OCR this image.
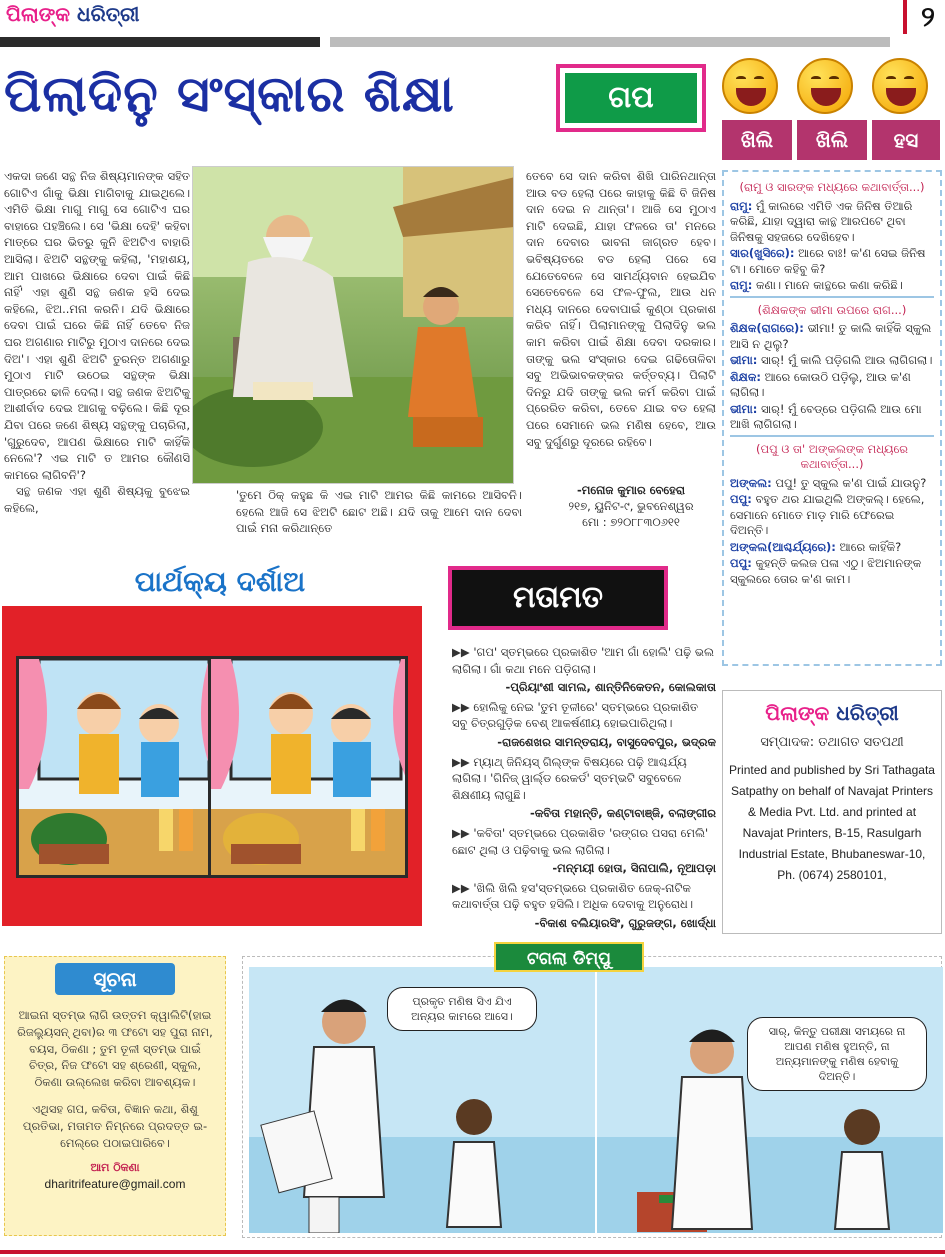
ପିଲାଙ୍କ ଧରିତ୍ରୀ	୨
ପିଲାଦିନୁ ସଂସ୍କାର ଶିକ୍ଷା	ଗପ
ଖିଲି	ଖିଲି	ହସ

ଏକଦା ଜଣେ ସନ୍ଥ ନିଜ ଶିଷ୍ୟମାନଙ୍କ ସହିତ ଗୋଟିଏ ଗାଁକୁ ଭିକ୍ଷା ମାଗିବାକୁ ଯାଇଥିଲେ। ଏମିତି ଭିକ୍ଷା ମାଗୁ ମାଗୁ ସେ ଗୋଟିଏ ଘର ବାହାରେ ପହଞ୍ଚିଲେ। ସେ 'ଭିକ୍ଷା ଦେହି' କହିବା ମାତ୍ରେ ଘର ଭିତରୁ କୁନି ଝିଅଟିଏ ବାହାରି ଆସିଲା। ଝିଅଟି ସନ୍ଥଙ୍କୁ କହିଲା, 'ମହାଶୟ, ଆମ ପାଖରେ ଭିକ୍ଷାରେ ଦେବା ପାଇଁ କିଛି ନାହିଁ' ଏହା ଶୁଣି ସନ୍ଥ ଜଣକ ହସି ଦେଇ କହିଲେ, ଝିଅ..ମନା କରନି। ଯଦି ଭିକ୍ଷାରେ ଦେବା ପାଇଁ ଘରେ କିଛି ନାହିଁ ତେବେ ନିଜ ଘର ଅଗଣାର ମାଟିରୁ ମୁଠାଏ ଦାନରେ ଦେଇ ଦିଅ'। ଏହା ଶୁଣି ଝିଅଟି ତୁରନ୍ତ ଅଗଣାରୁ ମୁଠାଏ ମାଟି ଉଠେଇ ସନ୍ଥଙ୍କ ଭିକ୍ଷା ପାତ୍ରରେ ଢାଳି ଦେଲା। ସନ୍ଥ ଜଣକ ଝିଅଟିକୁ ଆଶୀର୍ବାଦ ଦେଇ ଆଗକୁ ବଢ଼ିଲେ। କିଛି ଦୂର ଯିବା ପରେ ଜଣେ ଶିଷ୍ୟ ସନ୍ଥଙ୍କୁ ପଚାରିଲା, 'ଗୁରୁଦେବ, ଆପଣ ଭିକ୍ଷାରେ ମାଟି କାହିଁକି ନେଲେ'? ଏଇ ମାଟି ତ ଆମର କୌଣସି କାମରେ ଲାଗିବନି'?

ସନ୍ଥ ଜଣକ ଏହା ଶୁଣି ଶିଷ୍ୟକୁ ବୁଝେଇ କହିଲେ,

ତେବେ ସେ ଦାନ କରିବା ଶିଖି ପାରିନଥାନ୍ତା ଆଉ ବଡ ହେଲା ପରେ କାହାକୁ କିଛି ବି ଜିନିଷ ଦାନ ଦେଇ ନ ଥାନ୍ତା'। ଆଜି ସେ ମୁଠାଏ ମାଟି ଦେଇଛି, ଯାହା ଫଳରେ ତା' ମନରେ ଦାନ ଦେବାର ଭାବନା ଜାଗ୍ରତ ହେବ। ଭବିଷ୍ୟତରେ ବଡ ହେଲା ପରେ ସେ ଯେତେବେଳେ ସେ ସାମର୍ଥ୍ୟବାନ ହେଇଯିବ ସେତେବେଳେ ସେ ଫଳ-ଫୁଲ, ଆଉ ଧନ ମଧ୍ୟ ଦାନରେ ଦେବାପାଇଁ କୁଣ୍ଠା ପ୍ରକାଶ କରିବ ନାହିଁ। ପିଲାମାନଙ୍କୁ ପିଲାଦିନୁ ଭଲ କାମ କରିବା ପାଇଁ ଶିକ୍ଷା ଦେବା ଦରକାର। ତାଙ୍କୁ ଭଲ ସଂସ୍କାର ଦେଇ ଗଢିତୋଳିବା ସବୁ ଅଭିଭାବକଙ୍କର କର୍ତ୍ତବ୍ୟ। ପିଲାଟି ଦିନରୁ ଯଦି ତାଙ୍କୁ ଭଲ କର୍ମ କରିବା ପାଇଁ ପ୍ରେରିତ କରିବା, ତେବେ ଯାଇ ବଡ ହେଲା ପରେ ସେମାନେ ଭଲ ମଣିଷ ହେବେ, ଆଉ ସବୁ ଦୁର୍ଗୁଣରୁ ଦୂରରେ ରହିବେ।

'ତୁମେ ଠିକ୍ କହୁଛ କି ଏଇ ମାଟି ଆମର କିଛି କାମରେ ଆସିବନି। ହେଲେ ଆଜି ସେ ଝିଅଟି ଛୋଟ ଅଛି। ଯଦି ତାକୁ ଆମେ ଦାନ ଦେବା ପାଇଁ ମନା କରିଥାନ୍ତେ

-ମନୋଜ କୁମାର ବେହେରା
୨୧୭, ୟୁନିଟ-୯, ଭୁବନେଶ୍ୱର
ମୋ : ୭୨୦୮୮୩୦୬୧୧
(ରାମୁ ଓ ସାରଙ୍କ ମଧ୍ୟରେ କଥାବାର୍ତ୍ତା...)
ରାମୁ: ମୁଁ କାଲରେ ଏମିତି ଏକ ଜିନିଷ ତିଆରି କରିଛି, ଯାହା ଦ୍ୱାରା କାନ୍ଥ ଆରପଟେ ଥିବା ଜିନିଷକୁ ସହଜରେ ଦେଖିହେବ।
ସାର(ଖୁସିରେ): ଆରେ ବାଃ! କ'ଣ ସେଇ ଜିନିଷ ଟା। ମୋତେ କହିବୁ କି?
ରାମୁ: କଣା। ମାନେ କାନ୍ଥରେ କଣା କରିଛି।
(ଶିକ୍ଷକଙ୍କ ଭୀମା ଉପରେ ରାଗ...)
ଶିକ୍ଷକ(ରାଗରେ): ଭୀମା! ତୁ କାଲି କାହିଁକି ସ୍କୁଲ ଆସି ନ ଥିଲୁ?
ଭୀମା: ସାର୍! ମୁଁ କାଲି ପଡ଼ିଗଲି ଆଉ ଲାଗିଗଲା।
ଶିକ୍ଷକ: ଆରେ କୋଉଠି ପଡ଼ିଲୁ, ଆଉ କ'ଣ ଲାଗିଲା।
ଭୀମା: ସାର୍! ମୁଁ ବେଡ୍‌ରେ ପଡ଼ିଗଲି ଆଉ ମୋ ଆଖି ଲାଗିଗଲା।
(ପପୁ ଓ ତା' ଅଙ୍କଲଙ୍କ ମଧ୍ୟରେ କଥାବାର୍ତ୍ତା...)
ଅଙ୍କଲ: ପପୁ! ତୁ ସ୍କୁଲ କ'ଣ ପାଇଁ ଯାଉନୁ?
ପପୁ: ବହୁତ ଥର ଯାଇଥିଲି ଅଙ୍କଲ୍। ହେଲେ, ସେମାନେ ମୋତେ ମାଡ଼ ମାରି ଫେରେଇ ଦିଅନ୍ତି।
ଅଙ୍କଲ(ଆଶ୍ଚର୍ଯ୍ୟରେ): ଆରେ କାହିଁକି?
ପପୁ: କୁହନ୍ତି କଲଜ ପଳା ଏଠୁ। ଝିଅମାନଙ୍କ ସ୍କୁଲରେ ତୋର କ'ଣ କାମ।
ପିଲାଙ୍କ ଧରିତ୍ରୀ
ସମ୍ପାଦକ: ତଥାଗତ ସତପଥୀ
Printed and published by Sri Tathagata Satpathy on behalf of Navajat Printers & Media Pvt. Ltd. and printed at Navajat Printers, B-15, Rasulgarh Industrial Estate, Bhubaneswar-10, Ph. (0674) 2580101,
ପାର୍ଥକ୍ୟ ଦର୍ଶାଅ	ମତାମତ
▶▶ 'ଗପ' ସ୍ତମ୍ଭରେ ପ୍ରକାଶିତ 'ଆମ ଗାଁ ହୋଲି' ପଢ଼ି ଭଲ ଲାଗିଲା। ଗାଁ କଥା ମନେ ପଡ଼ିଗଲା।
-ପ୍ରିୟାଂଶୀ ସାମଲ, ଶାନ୍ତିନିକେତନ, କୋଲକାତା
▶▶ ହୋଲିକୁ ନେଇ 'ତୁମ ତୂଳୀରେ' ସ୍ତମ୍ଭରେ ପ୍ରକାଶିତ ସବୁ ଚିତ୍ରଗୁଡ଼ିକ ବେଶ୍ ଆକର୍ଷଣୀୟ ହୋଇପାରିଥିଲା।
-ରାଜଶେଖର ସାମନ୍ତରାୟ, ବାସୁଦେବପୁର, ଭଦ୍ରକ
▶▶ ମ୍ୟାଥ୍ ଜିନିୟସ୍ ଗିଲ୍ଙ୍କ ବିଷୟରେ ପଢ଼ି ଆଶ୍ଚର୍ଯ୍ୟ ଲାଗିଲା। 'ଗିନିଜ୍ ୱାର୍ଲ୍ଡ ରେକର୍ଡ' ସ୍ତମ୍ଭଟି ସବୁବେଳେ ଶିକ୍ଷଣୀୟ ଲାଗୁଛି।
-କବିତା ମହାନ୍ତି, କଣ୍ଟାବାଞ୍ଜି, ବଲାଙ୍ଗୀର
▶▶ 'କବିତା' ସ୍ତମ୍ଭରେ ପ୍ରକାଶିତ 'ରଙ୍ଗର ପସରା ମେଲି' ଛୋଟ ଥିଲା ଓ ପଢ଼ିବାକୁ ଭଲ ଲାଗିଲା।
-ମନ୍ମୟୀ ହୋତା, ସିନାପାଲି, ନୂଆପଡ଼ା
▶▶ 'ଖିଲି ଖିଲି ହସ'ସ୍ତମ୍ଭରେ ପ୍ରକାଶିତ ଜେକ୍-ନାଟିକ କଥାବାର୍ତ୍ତା ପଢ଼ି ବହୁତ ହସିଲି। ଅଧିକ ଦେବାକୁ ଅନୁରୋଧ।
-ବିକାଶ ବଲିୟାରସିଂ, ଗୁରୁଜଙ୍ଗ, ଖୋର୍ଦ୍ଧା
ସୂଚନା

ଆଇନା ସ୍ତମ୍ଭ ଲାଗି ଉତ୍ତମ କ୍ୱାଲିଟି(ହାଇ ରିଜଲ୍ୟୁସନ୍ ଥିବା)ର ୩ ଫଟୋ ସହ ପୁରା ନାମ, ବୟସ, ଠିକଣା ; ତୁମ ତୂଳୀ ସ୍ତମ୍ଭ ପାଇଁ ଚିତ୍ର, ନିଜ ଫଟୋ ସହ ଶ୍ରେଣୀ, ସ୍କୁଲ, ଠିକଣା ଉଲ୍ଲେଖ କରିବା ଆବଶ୍ୟକ।

ଏଥିସହ ଗପ, କବିତା, ବିଜ୍ଞାନ କଥା, ଶିଶୁ ପ୍ରତିଭା, ମତାମତ ନିମ୍ନରେ ପ୍ରଦତ୍ତ ଇ-ମେଲ୍‌ରେ ପଠାଇପାରିବେ।

ଆମ ଠିକଣା
dharitrifeature@gmail.com
ପ୍ରକୃତ ମଣିଷ ସିଏ ଯିଏ ଅନ୍ୟର କାମରେ ଆସେ।
ସାର୍, କିନ୍ତୁ ପରୀକ୍ଷା ସମୟରେ ନା ଆପଣ ମଣିଷ ହୁଅନ୍ତି, ନା ଅନ୍ୟମାନଙ୍କୁ ମଣିଷ ହେବାକୁ ଦିଅନ୍ତି।
ଟଗଲା ଡିମ୍ପୁ
